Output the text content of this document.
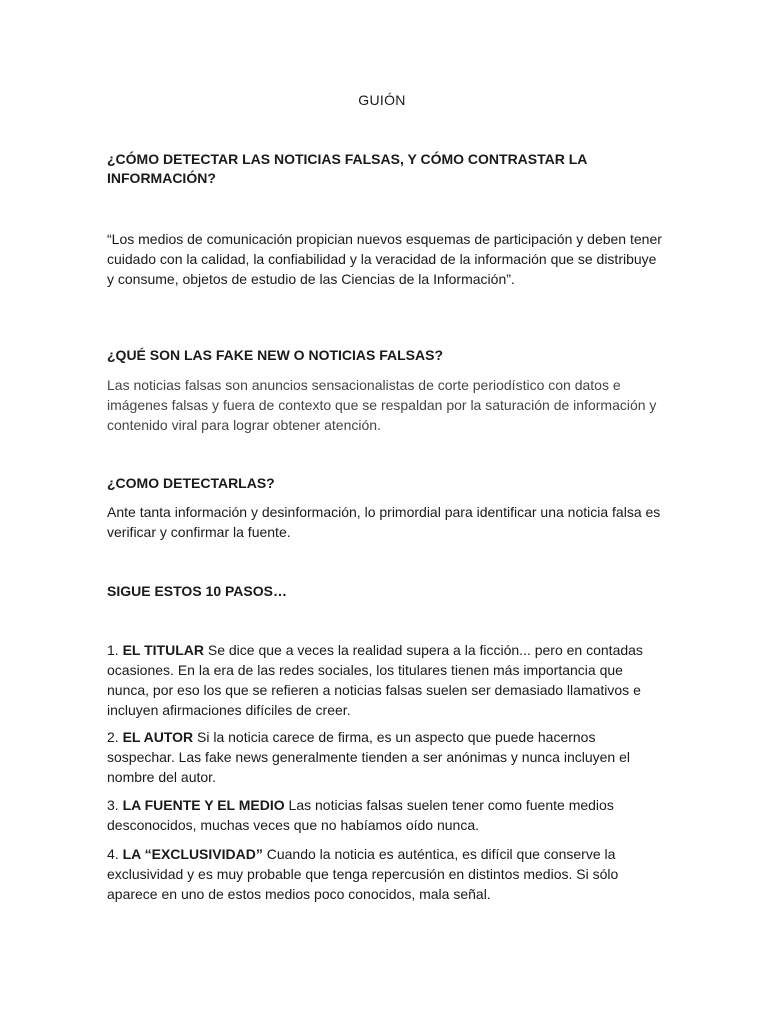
GUIÓN
¿CÓMO DETECTAR LAS NOTICIAS FALSAS, Y CÓMO CONTRASTAR LA INFORMACIÓN?
“Los medios de comunicación propician nuevos esquemas de participación y deben tener cuidado con la calidad, la confiabilidad y la veracidad de la información que se distribuye y consume, objetos de estudio de las Ciencias de la Información”.
¿QUÉ SON LAS FAKE NEW O NOTICIAS FALSAS?
Las noticias falsas son anuncios sensacionalistas de corte periodístico con datos e imágenes falsas y fuera de contexto que se respaldan por la saturación de información y contenido viral para lograr obtener atención.
¿COMO DETECTARLAS?
Ante tanta información y desinformación, lo primordial para identificar una noticia falsa es verificar y confirmar la fuente.
SIGUE ESTOS 10 PASOS…
1. EL TITULAR Se dice que a veces la realidad supera a la ficción... pero en contadas ocasiones. En la era de las redes sociales, los titulares tienen más importancia que nunca, por eso los que se refieren a noticias falsas suelen ser demasiado llamativos e incluyen afirmaciones difíciles de creer.
2. EL AUTOR Si la noticia carece de firma, es un aspecto que puede hacernos sospechar. Las fake news generalmente tienden a ser anónimas y nunca incluyen el nombre del autor.
3. LA FUENTE Y EL MEDIO Las noticias falsas suelen tener como fuente medios desconocidos, muchas veces que no habíamos oído nunca.
4. LA “EXCLUSIVIDAD” Cuando la noticia es auténtica, es difícil que conserve la exclusividad y es muy probable que tenga repercusión en distintos medios. Si sólo aparece en uno de estos medios poco conocidos, mala señal.
